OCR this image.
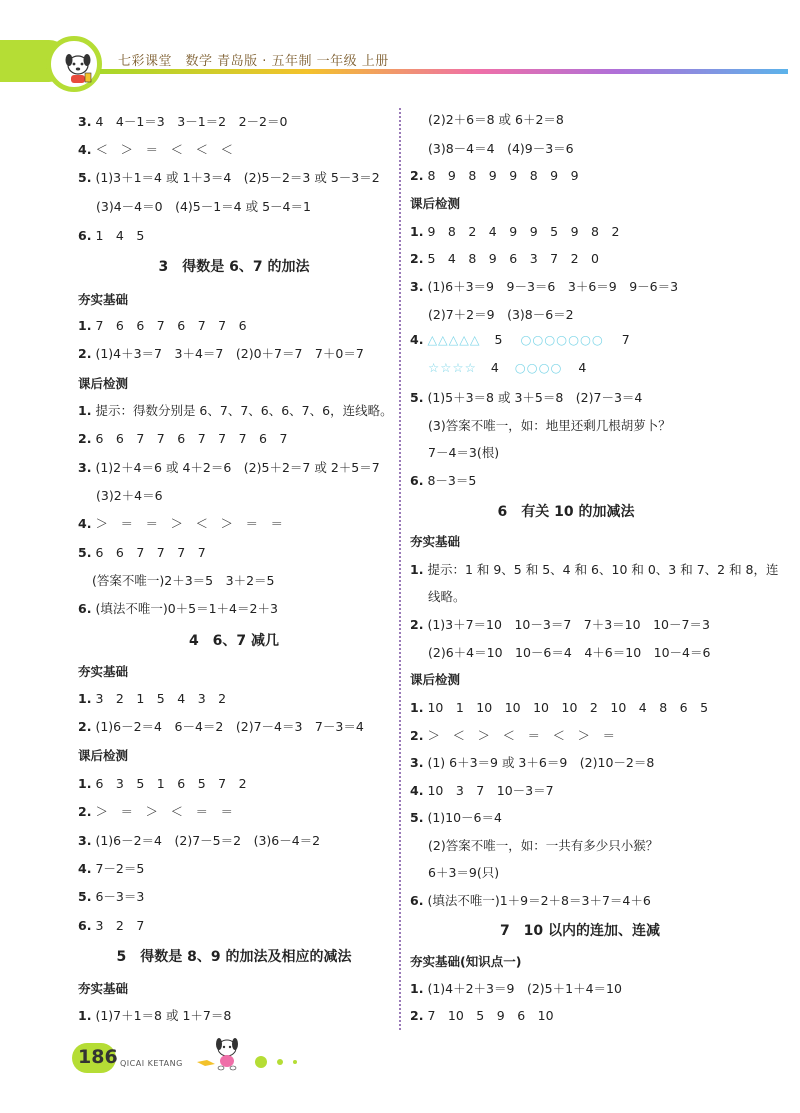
七彩课堂　数学 青岛版 · 五年制 一年级 上册
3. 4　4－1＝3　3－1＝2　2－2＝0
4. ＜　＞　＝　＜　＜　＜
5. (1)3＋1＝4 或 1＋3＝4　(2)5－2＝3 或 5－3＝2
(3)4－4＝0　(4)5－1＝4 或 5－4＝1
6. 1　4　5
3　得数是 6、7 的加法
夯实基础
1. 7　6　6　7　6　7　7　6
2. (1)4＋3＝7　3＋4＝7　(2)0＋7＝7　7＋0＝7
课后检测
1. 提示：得数分别是 6、7、7、6、6、7、6，连线略。
2. 6　6　7　7　6　7　7　7　6　7
3. (1)2＋4＝6 或 4＋2＝6　(2)5＋2＝7 或 2＋5＝7
(3)2＋4＝6
4. ＞　＝　＝　＞　＜　＞　＝　＝
5. 6　6　7　7　7　7
(答案不唯一)2＋3＝5　3＋2＝5
6. (填法不唯一)0＋5＝1＋4＝2＋3
4　6、7 减几
夯实基础
1. 3　2　1　5　4　3　2
2. (1)6－2＝4　6－4＝2　(2)7－4＝3　7－3＝4
课后检测
1. 6　3　5　1　6　5　7　2
2. ＞　＝　＞　＜　＝　＝
3. (1)6－2＝4　(2)7－5＝2　(3)6－4＝2
4. 7－2＝5
5. 6－3＝3
6. 3　2　7
5　得数是 8、9 的加法及相应的减法
夯实基础
1. (1)7＋1＝8 或 1＋7＝8
(2)2＋6＝8 或 6＋2＝8
(3)8－4＝4　(4)9－3＝6
2. 8　9　8　9　9　8　9　9
课后检测
1. 9　8　2　4　9　9　5　9　8　2
2. 5　4　8　9　6　3　7　2　0
3. (1)6＋3＝9　9－3＝6　3＋6＝9　9－6＝3
(2)7＋2＝9　(3)8－6＝2
4. △△△△△ 5 ○○○○○○○ 7
☆☆☆☆ 4 ○○○○ 4
5. (1)5＋3＝8 或 3＋5＝8　(2)7－3＝4
(3)答案不唯一，如：地里还剩几根胡萝卜？
7－4＝3(根)
6. 8－3＝5
6　有关 10 的加减法
夯实基础
1. 提示：1 和 9、5 和 5、4 和 6、10 和 0、3 和 7、2 和 8，连
线略。
2. (1)3＋7＝10　10－3＝7　7＋3＝10　10－7＝3
(2)6＋4＝10　10－6＝4　4＋6＝10　10－4＝6
课后检测
1. 10　1　10　10　10　10　2　10　4　8　6　5
2. ＞　＜　＞　＜　＝　＜　＞　＝
3. (1) 6＋3＝9 或 3＋6＝9　(2)10－2＝8
4. 10　3　7　10－3＝7
5. (1)10－6＝4
(2)答案不唯一，如：一共有多少只小猴？
6＋3＝9(只)
6. (填法不唯一)1＋9＝2＋8＝3＋7＝4＋6
7　10 以内的连加、连减
夯实基础(知识点一)
1. (1)4＋2＋3＝9　(2)5＋1＋4＝10
2. 7　10　5　9　6　10
186 QICAI KETANG
